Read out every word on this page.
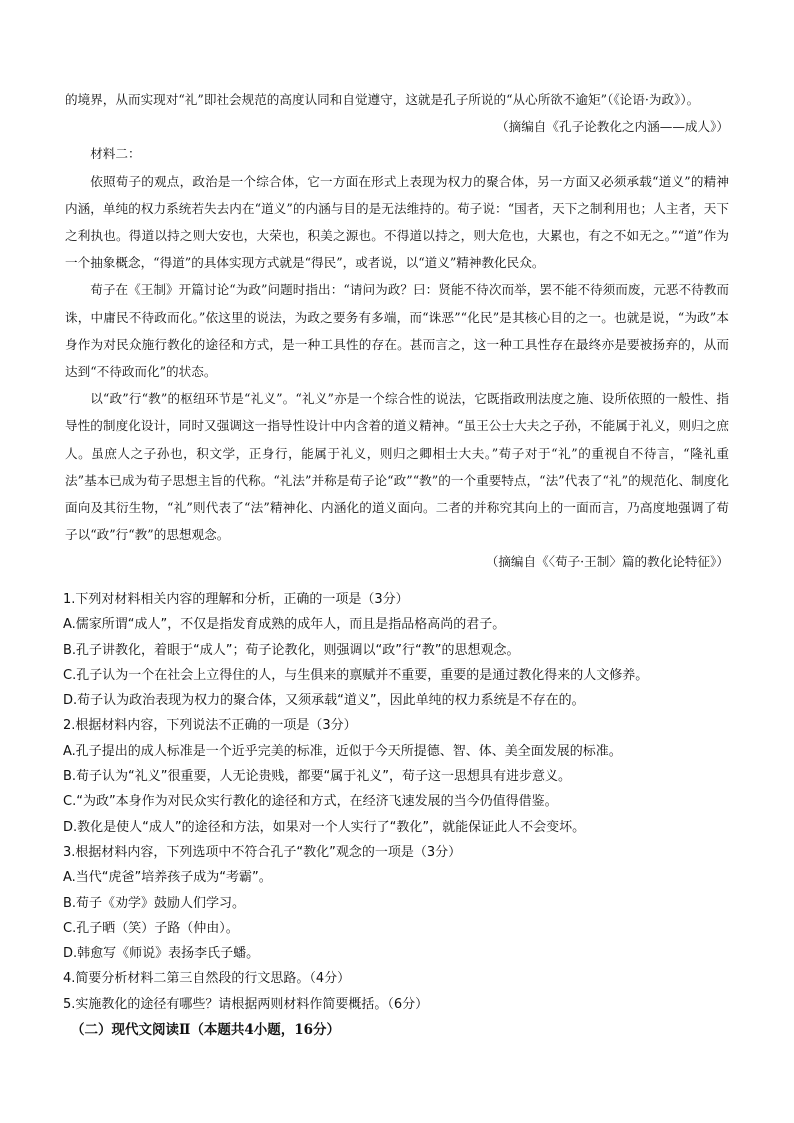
的境界，从而实现对“礼”即社会规范的高度认同和自觉遵守，这就是孔子所说的“从心所欲不逾矩”（《论语·为政》）。

（摘编自《孔子论教化之内涵——成人》）

材料二：

依照荀子的观点，政治是一个综合体，它一方面在形式上表现为权力的聚合体，另一方面又必须承载“道义”的精神内涵，单纯的权力系统若失去内在“道义”的内涵与目的是无法维持的。荀子说：“国者，天下之制利用也；人主者，天下之利执也。得道以持之则大安也，大荣也，积美之源也。不得道以持之，则大危也，大累也，有之不如无之。”“道”作为一个抽象概念，“得道”的具体实现方式就是“得民”，或者说，以“道义”精神教化民众。

荀子在《王制》开篇讨论“为政”问题时指出：“请问为政？曰：贤能不待次而举，罢不能不待须而废，元恶不待教而诛，中庸民不待政而化。”依这里的说法，为政之要务有多端，而“诛恶”“化民”是其核心目的之一。也就是说，“为政”本身作为对民众施行教化的途径和方式，是一种工具性的存在。甚而言之，这一种工具性存在最终亦是要被扬弃的，从而达到“不待政而化”的状态。

以“政”行“教”的枢纽环节是“礼义”。“礼义”亦是一个综合性的说法，它既指政刑法度之施、设所依照的一般性、指导性的制度化设计，同时又强调这一指导性设计中内含着的道义精神。“虽王公士大夫之子孙，不能属于礼义，则归之庶人。虽庶人之子孙也，积文学，正身行，能属于礼义，则归之卿相士大夫。”荀子对于“礼”的重视自不待言，“隆礼重法”基本已成为荀子思想主旨的代称。“礼法”并称是荀子论“政”“教”的一个重要特点，“法”代表了“礼”的规范化、制度化面向及其衍生物，“礼”则代表了“法”精神化、内涵化的道义面向。二者的并称究其向上的一面而言，乃高度地强调了荀子以“政”行“教”的思想观念。

（摘编自《〈荀子·王制〉篇的教化论特征》）

1.下列对材料相关内容的理解和分析，正确的一项是（3分）

A.儒家所谓“成人”，不仅是指发育成熟的成年人，而且是指品格高尚的君子。

B.孔子讲教化，着眼于“成人”；荀子论教化，则强调以“政”行“教”的思想观念。

C.孔子认为一个在社会上立得住的人，与生俱来的禀赋并不重要，重要的是通过教化得来的人文修养。

D.荀子认为政治表现为权力的聚合体，又须承载“道义”，因此单纯的权力系统是不存在的。

2.根据材料内容，下列说法不正确的一项是（3分）

A.孔子提出的成人标准是一个近乎完美的标准，近似于今天所提德、智、体、美全面发展的标准。

B.荀子认为“礼义”很重要，人无论贵贱，都要“属于礼义”，荀子这一思想具有进步意义。

C.“为政”本身作为对民众实行教化的途径和方式，在经济飞速发展的当今仍值得借鉴。

D.教化是使人“成人”的途径和方法，如果对一个人实行了“教化”，就能保证此人不会变坏。

3.根据材料内容，下列选项中不符合孔子“教化”观念的一项是（3分）

A.当代“虎爸”培养孩子成为“考霸”。

B.荀子《劝学》鼓励人们学习。

C.孔子晒（笑）子路（仲由）。

D.韩愈写《师说》表扬李氏子蟠。

4.简要分析材料二第三自然段的行文思路。（4分）

5.实施教化的途径有哪些？请根据两则材料作简要概括。（6分）

（二）现代文阅读Ⅱ（本题共4小题，16分）
